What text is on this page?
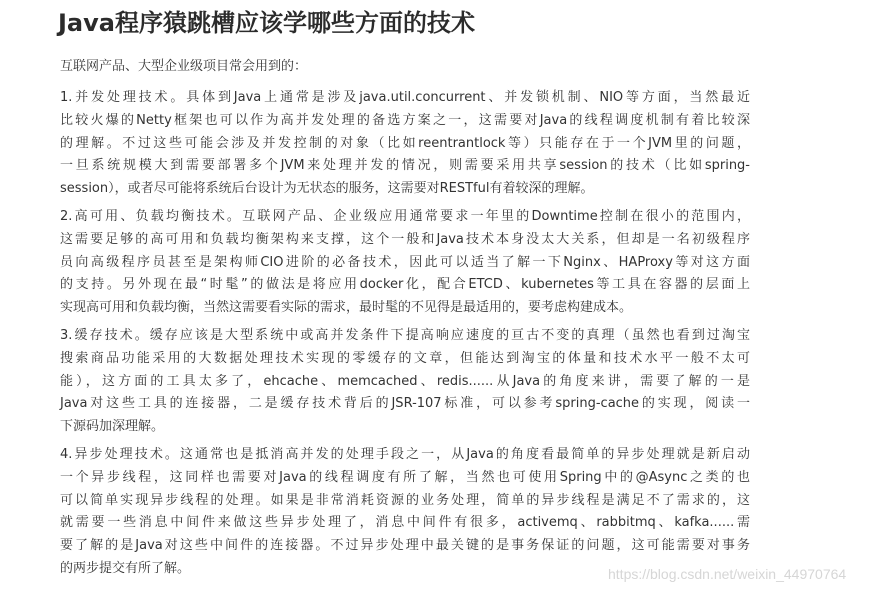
Java程序猿跳槽应该学哪些方面的技术

互联网产品、大型企业级项目常会用到的：

1.并发处理技术。具体到Java上通常是涉及java.util.concurrent、并发锁机制、NIO等方面，当然最近
比较火爆的Netty框架也可以作为高并发处理的备选方案之一，这需要对Java的线程调度机制有着比较深
的理解。不过这些可能会涉及并发控制的对象（比如reentrantlock等）只能存在于一个JVM里的问题，
一旦系统规模大到需要部署多个JVM来处理并发的情况，则需要采用共享session的技术（比如spring-
session），或者尽可能将系统后台设计为无状态的服务，这需要对RESTful有着较深的理解。

2.高可用、负载均衡技术。互联网产品、企业级应用通常要求一年里的Downtime控制在很小的范围内，
这需要足够的高可用和负载均衡架构来支撑，这个一般和Java技术本身没太大关系，但却是一名初级程序
员向高级程序员甚至是架构师CIO进阶的必备技术，因此可以适当了解一下Nginx、HAProxy等对这方面
的支持。另外现在最“时髦”的做法是将应用docker化，配合ETCD、kubernetes等工具在容器的层面上
实现高可用和负载均衡，当然这需要看实际的需求，最时髦的不见得是最适用的，要考虑构建成本。

3.缓存技术。缓存应该是大型系统中或高并发条件下提高响应速度的亘古不变的真理（虽然也看到过淘宝
搜索商品功能采用的大数据处理技术实现的零缓存的文章，但能达到淘宝的体量和技术水平一般不太可
能），这方面的工具太多了，ehcache、memcached、redis......从Java的角度来讲，需要了解的一是
Java对这些工具的连接器，二是缓存技术背后的JSR-107标准，可以参考spring-cache的实现，阅读一
下源码加深理解。

4.异步处理技术。这通常也是抵消高并发的处理手段之一，从Java的角度看最简单的异步处理就是新启动
一个异步线程，这同样也需要对Java的线程调度有所了解，当然也可使用Spring中的@Async之类的也
可以简单实现异步线程的处理。如果是非常消耗资源的业务处理，简单的异步线程是满足不了需求的，这
就需要一些消息中间件来做这些异步处理了，消息中间件有很多，activemq、rabbitmq、kafka......需
要了解的是Java对这些中间件的连接器。不过异步处理中最关键的是事务保证的问题，这可能需要对事务
的两步提交有所了解。	https://blog.csdn.net/weixin_44970764
